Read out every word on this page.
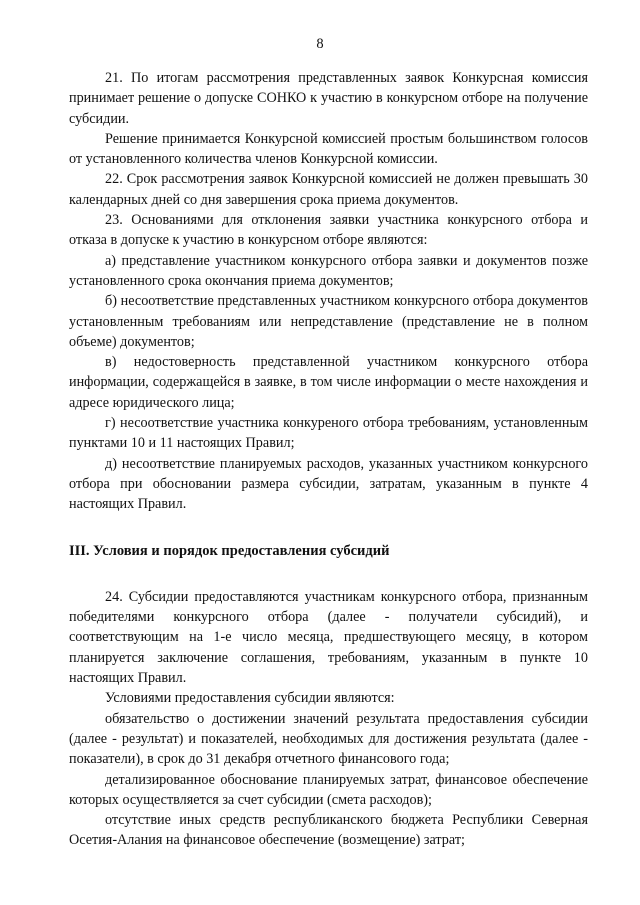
8

21. По итогам рассмотрения представленных заявок Конкурсная комиссия принимает решение о допуске СОНКО к участию в конкурсном отборе на получение субсидии.

Решение принимается Конкурсной комиссией простым большинством голосов от установленного количества членов Конкурсной комиссии.

22. Срок рассмотрения заявок Конкурсной комиссией не должен превышать 30 календарных дней со дня завершения срока приема документов.

23. Основаниями для отклонения заявки участника конкурсного отбора и отказа в допуске к участию в конкурсном отборе являются:

а) представление участником конкурсного отбора заявки и документов позже установленного срока окончания приема документов;

б) несоответствие представленных участником конкурсного отбора документов установленным требованиям или непредставление (представление не в полном объеме) документов;

в) недостоверность представленной участником конкурсного отбора информации, содержащейся в заявке, в том числе информации о месте нахождения и адресе юридического лица;

г) несоответствие участника конкуреного отбора требованиям, установленным пунктами 10 и 11 настоящих Правил;

д) несоответствие планируемых расходов, указанных участником конкурсного отбора при обосновании размера субсидии, затратам, указанным в пункте 4 настоящих Правил.

III. Условия и порядок предоставления субсидий

24. Субсидии предоставляются участникам конкурсного отбора, признанным победителями конкурсного отбора (далее - получатели субсидий), и соответствующим на 1-е число месяца, предшествующего месяцу, в котором планируется заключение соглашения, требованиям, указанным в пункте 10 настоящих Правил.

Условиями предоставления субсидии являются:

обязательство о достижении значений результата предоставления субсидии (далее - результат) и показателей, необходимых для достижения результата (далее - показатели), в срок до 31 декабря отчетного финансового года;

детализированное обоснование планируемых затрат, финансовое обеспечение которых осуществляется за счет субсидии (смета расходов);

отсутствие иных средств республиканского бюджета Республики Северная Осетия-Алания на финансовое обеспечение (возмещение) затрат;
